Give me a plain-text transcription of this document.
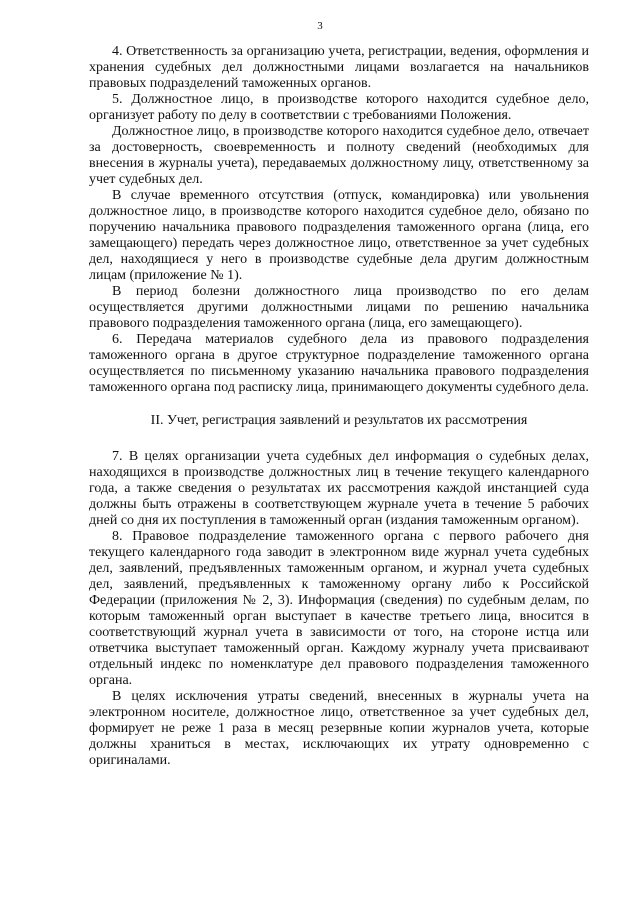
3

4. Ответственность за организацию учета, регистрации, ведения, оформления и хранения судебных дел должностными лицами возлагается на начальников правовых подразделений таможенных органов.

5. Должностное лицо, в производстве которого находится судебное дело, организует работу по делу в соответствии с требованиями Положения.

Должностное лицо, в производстве которого находится судебное дело, отвечает за достоверность, своевременность и полноту сведений (необходимых для внесения в журналы учета), передаваемых должностному лицу, ответственному за учет судебных дел.

В случае временного отсутствия (отпуск, командировка) или увольнения должностное лицо, в производстве которого находится судебное дело, обязано по поручению начальника правового подразделения таможенного органа (лица, его замещающего) передать через должностное лицо, ответственное за учет судебных дел, находящиеся у него в производстве судебные дела другим должностным лицам (приложение № 1).

В период болезни должностного лица производство по его делам осуществляется другими должностными лицами по решению начальника правового подразделения таможенного органа (лица, его замещающего).

6. Передача материалов судебного дела из правового подразделения таможенного органа в другое структурное подразделение таможенного органа осуществляется по письменному указанию начальника правового подразделения таможенного органа под расписку лица, принимающего документы судебного дела.

II. Учет, регистрация заявлений и результатов их рассмотрения

7. В целях организации учета судебных дел информация о судебных делах, находящихся в производстве должностных лиц в течение текущего календарного года, а также сведения о результатах их рассмотрения каждой инстанцией суда должны быть отражены в соответствующем журнале учета в течение 5 рабочих дней со дня их поступления в таможенный орган (издания таможенным органом).

8. Правовое подразделение таможенного органа с первого рабочего дня текущего календарного года заводит в электронном виде журнал учета судебных дел, заявлений, предъявленных таможенным органом, и журнал учета судебных дел, заявлений, предъявленных к таможенному органу либо к Российской Федерации (приложения № 2, 3). Информация (сведения) по судебным делам, по которым таможенный орган выступает в качестве третьего лица, вносится в соответствующий журнал учета в зависимости от того, на стороне истца или ответчика выступает таможенный орган. Каждому журналу учета присваивают отдельный индекс по номенклатуре дел правового подразделения таможенного органа.

В целях исключения утраты сведений, внесенных в журналы учета на электронном носителе, должностное лицо, ответственное за учет судебных дел, формирует не реже 1 раза в месяц резервные копии журналов учета, которые должны храниться в местах, исключающих их утрату одновременно с оригиналами.
